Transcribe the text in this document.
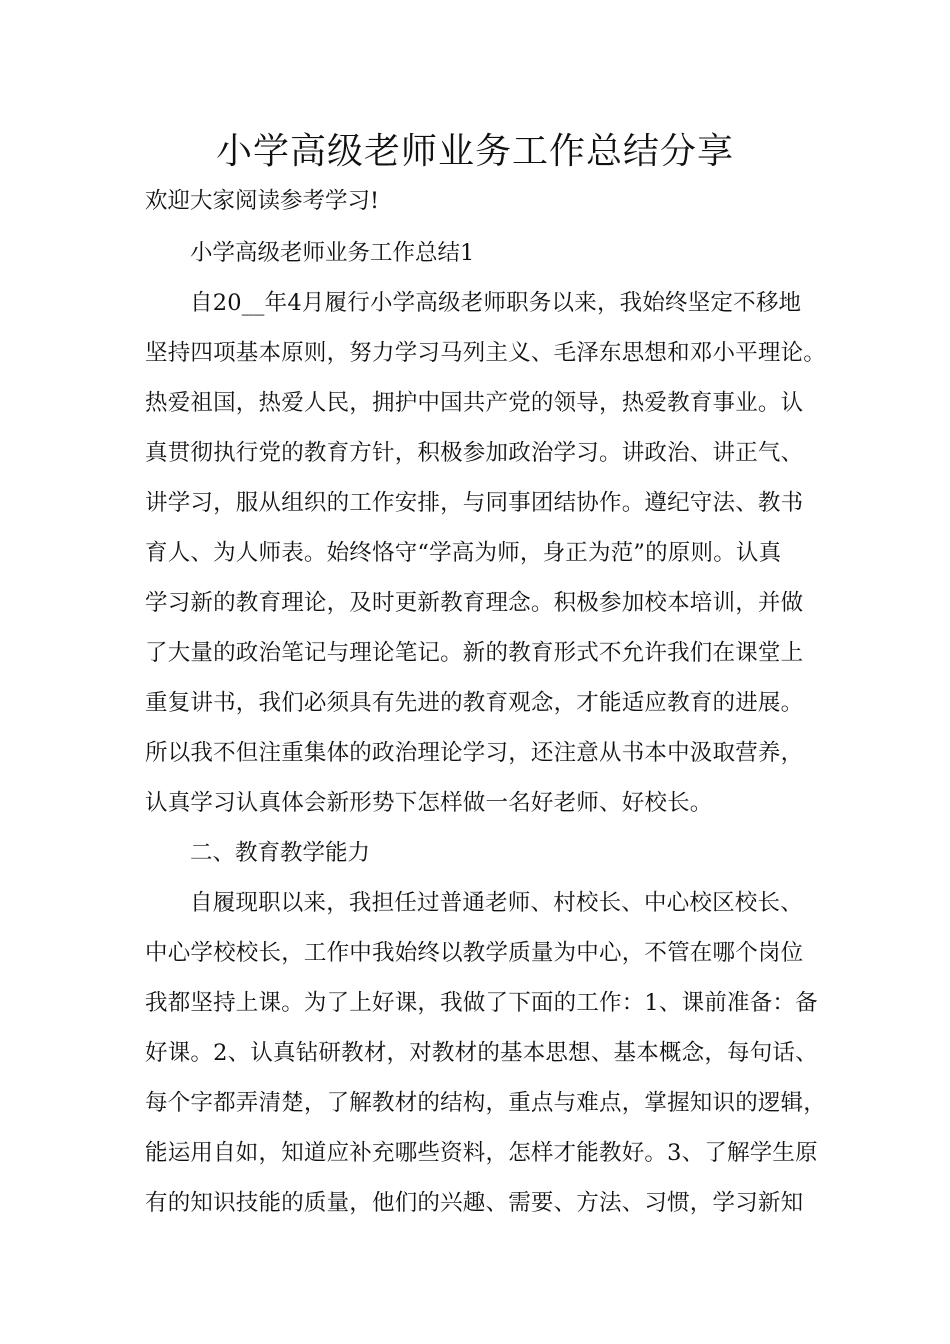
小学高级老师业务工作总结分享

欢迎大家阅读参考学习!

小学高级老师业务工作总结1

自20__年4月履行小学高级老师职务以来，我始终坚定不移地

坚持四项基本原则，努力学习马列主义、毛泽东思想和邓小平理论。

热爱祖国，热爱人民，拥护中国共产党的领导，热爱教育事业。认

真贯彻执行党的教育方针，积极参加政治学习。讲政治、讲正气、

讲学习，服从组织的工作安排，与同事团结协作。遵纪守法、教书

育人、为人师表。始终恪守“学高为师，身正为范”的原则。认真

学习新的教育理论，及时更新教育理念。积极参加校本培训，并做

了大量的政治笔记与理论笔记。新的教育形式不允许我们在课堂上

重复讲书，我们必须具有先进的教育观念，才能适应教育的进展。

所以我不但注重集体的政治理论学习，还注意从书本中汲取营养，

认真学习认真体会新形势下怎样做一名好老师、好校长。

二、教育教学能力

自履现职以来，我担任过普通老师、村校长、中心校区校长、

中心学校校长，工作中我始终以教学质量为中心，不管在哪个岗位

我都坚持上课。为了上好课，我做了下面的工作：1、课前准备：备

好课。2、认真钻研教材，对教材的基本思想、基本概念，每句话、

每个字都弄清楚，了解教材的结构，重点与难点，掌握知识的逻辑，

能运用自如，知道应补充哪些资料，怎样才能教好。3、了解学生原

有的知识技能的质量，他们的兴趣、需要、方法、习惯，学习新知
